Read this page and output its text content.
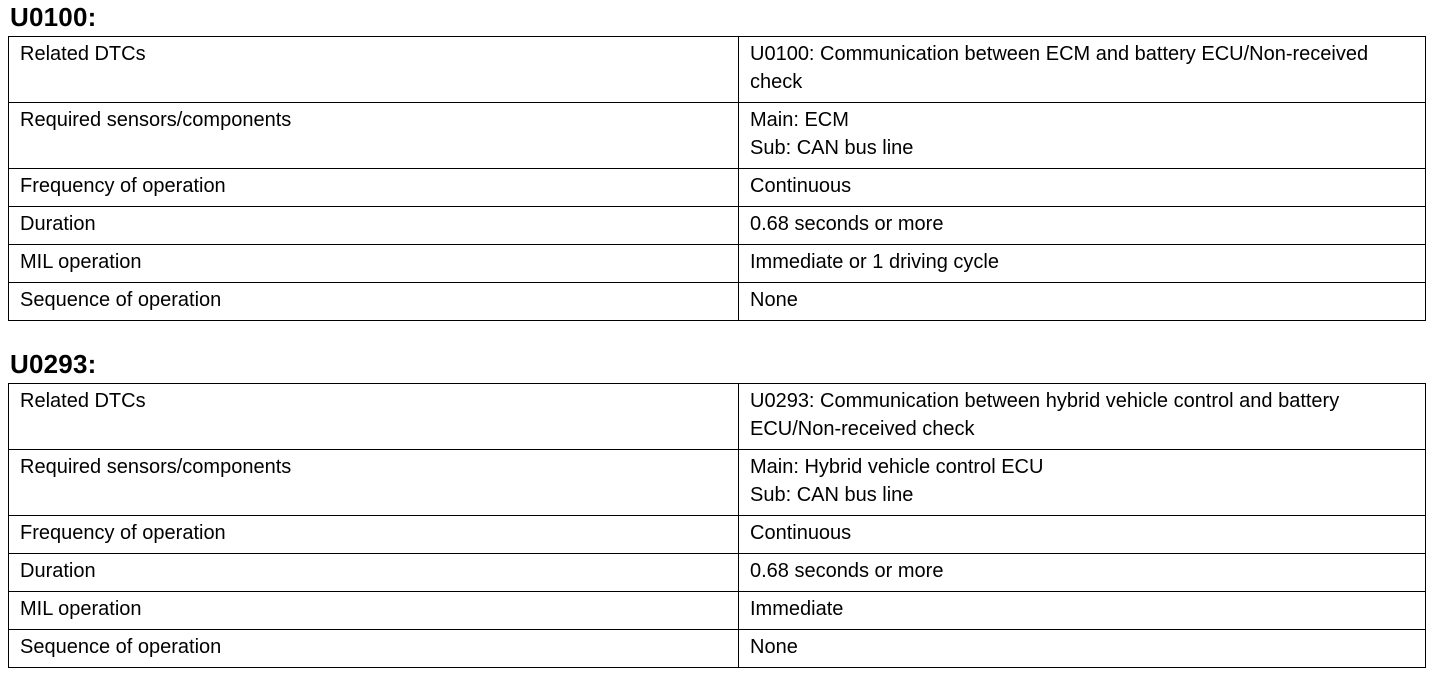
U0100:
Related DTCs	U0100: Communication between ECM and battery ECU/Non-received
check

Required sensors/components	Main: ECM
Sub: CAN bus line

Frequency of operation	Continuous

Duration	0.68 seconds or more

MIL operation	Immediate or 1 driving cycle

Sequence of operation	None
U0293:
Related DTCs	U0293: Communication between hybrid vehicle control and battery
ECU/Non-received check

Required sensors/components	Main: Hybrid vehicle control ECU
Sub: CAN bus line

Frequency of operation	Continuous

Duration	0.68 seconds or more

MIL operation	Immediate

Sequence of operation	None
